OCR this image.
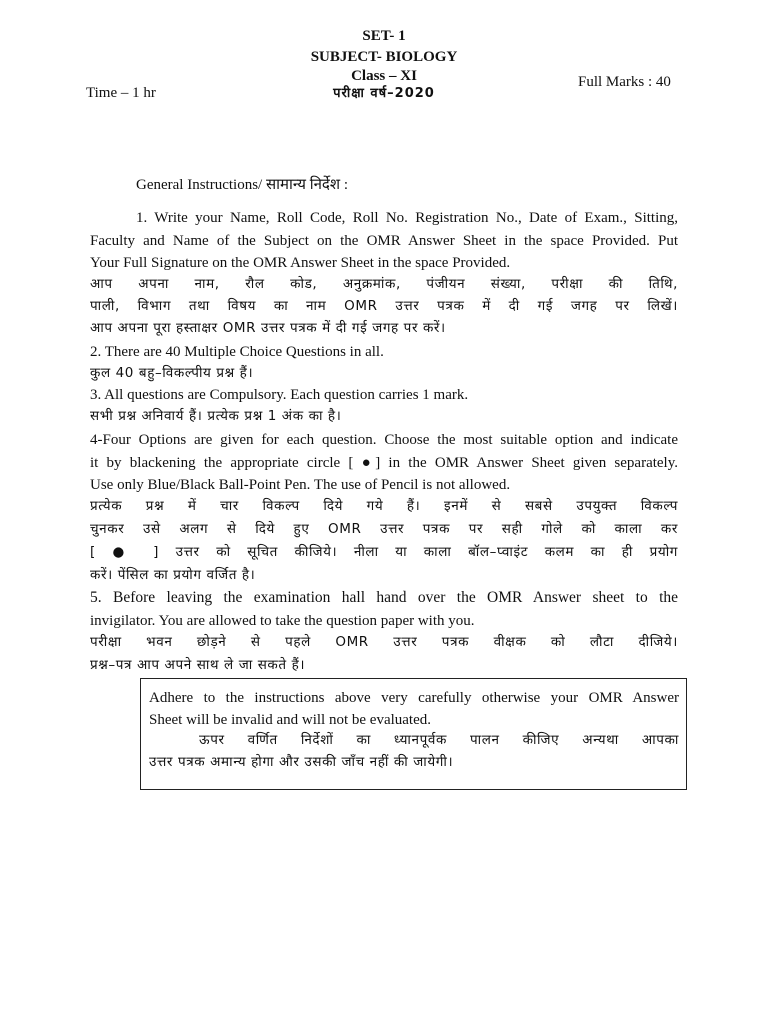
SET- 1
SUBJECT- BIOLOGY
Class – XI
परीक्षा वर्ष–2020
Time – 1 hr
Full Marks : 40
General Instructions/ सामान्य निर्देश :
1. Write your Name, Roll Code, Roll No. Registration No., Date of Exam., Sitting,
Faculty and Name of the Subject on the OMR Answer Sheet in the space Provided. Put
Your Full Signature on the OMR Answer Sheet in the space Provided.
आप अपना नाम, रौल कोड, अनुक्रमांक, पंजीयन संख्या, परीक्षा की तिथि,
पाली, विभाग तथा विषय का नाम OMR उत्तर पत्रक में दी गई जगह पर लिखें।
आप अपना पूरा हस्ताक्षर OMR उत्तर पत्रक में दी गई जगह पर करें।
2. There are 40 Multiple Choice Questions in all.
कुल 40 बहु–विकल्पीय प्रश्न हैं।
3. All questions are Compulsory. Each question carries 1 mark.
सभी प्रश्न अनिवार्य हैं। प्रत्येक प्रश्न 1 अंक का है।
4-Four Options are given for each question. Choose the most suitable option and indicate
it by blackening the appropriate circle [ ●] in the OMR Answer Sheet given separately.
Use only Blue/Black Ball-Point Pen. The use of Pencil is not allowed.
प्रत्येक प्रश्न में चार विकल्प दिये गये हैं। इनमें से सबसे उपयुक्त विकल्प
चुनकर उसे अलग से दिये हुए OMR उत्तर पत्रक पर सही गोले को काला कर
[ ● ] उत्तर को सूचित कीजिये। नीला या काला बॉल–प्वाइंट कलम का ही प्रयोग
करें। पेंसिल का प्रयोग वर्जित है।
5. Before leaving the examination hall hand over the OMR Answer sheet to the
invigilator. You are allowed to take the question paper with you.
परीक्षा भवन छोड़ने से पहले OMR उत्तर पत्रक वीक्षक को लौटा दीजिये।
प्रश्न–पत्र आप अपने साथ ले जा सकते हैं।
Adhere to the instructions above very carefully otherwise your OMR Answer
Sheet will be invalid and will not be evaluated.
ऊपर वर्णित निर्देशों का ध्यानपूर्वक पालन कीजिए अन्यथा आपका
उत्तर पत्रक अमान्य होगा और उसकी जाँच नहीं की जायेगी।
